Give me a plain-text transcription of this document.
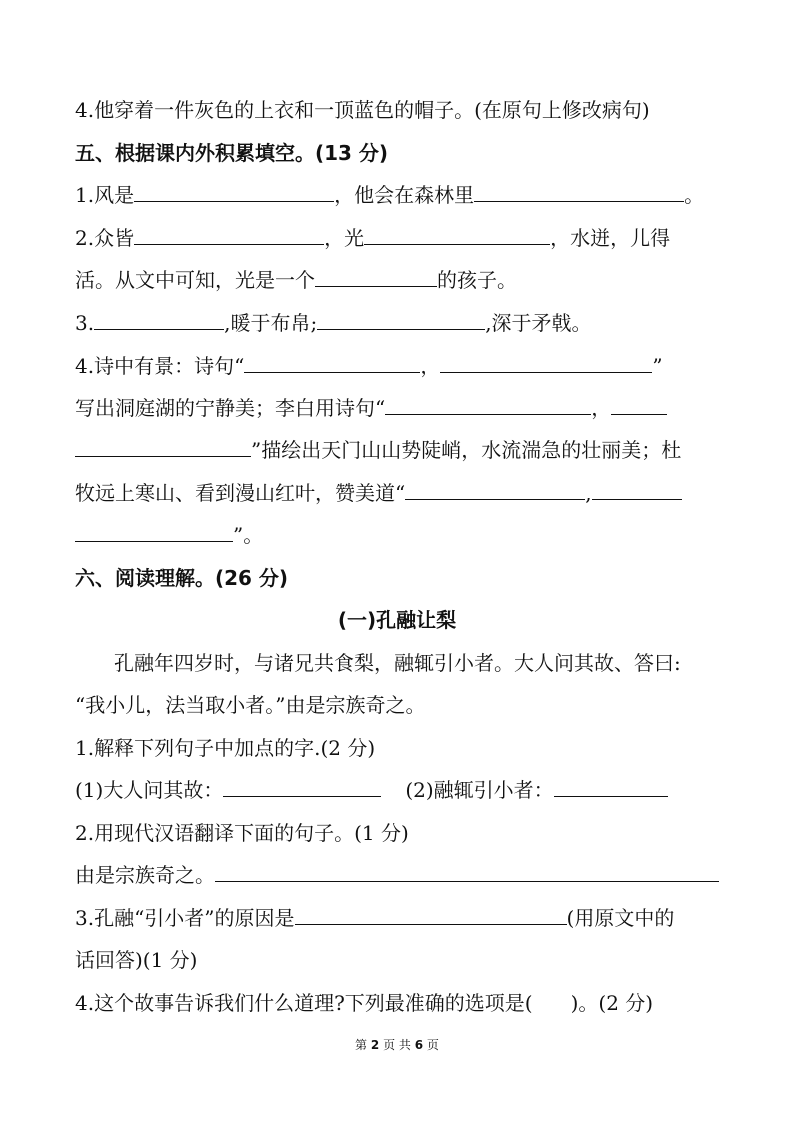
4.他穿着一件灰色的上衣和一顶蓝色的帽子。(在原句上修改病句)
五、根据课内外积累填空。(13 分)
1.风是	，他会在森林里	。
2.众皆	，光	，水迸，儿得
活。从文中可知，光是一个	的孩子。
3.	,暖于布帛;	,深于矛戟。
4.诗中有景：诗句“	，	”
写出洞庭湖的宁静美；李白用诗句“	，
”描绘出天门山山势陡峭，水流湍急的壮丽美；杜
牧远上寒山、看到漫山红叶，赞美道“	,
”。
六、阅读理解。(26 分)
(一)孔融让梨
孔融年四岁时，与诸兄共食梨，融辄引小者。大人问其故、答曰:
“我小儿，法当取小者。”由是宗族奇之。
1.解释下列句子中加点的字.(2 分)
(1)大人问其故：	(2)融辄引小者：
2.用现代汉语翻译下面的句子。(1 分)
由是宗族奇之。
3.孔融“引小者”的原因是	(用原文中的
话回答)(1 分)
4.这个故事告诉我们什么道理?下列最准确的选项是( )。(2 分)
第 2 页 共 6 页
